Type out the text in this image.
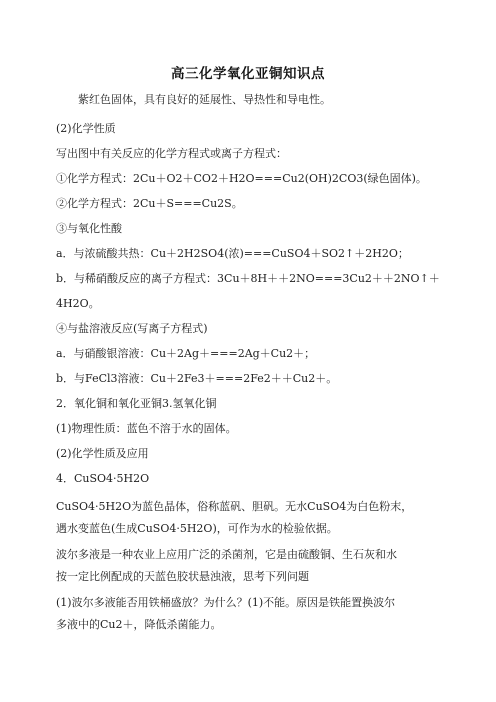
高三化学氧化亚铜知识点
　　紫红色固体，具有良好的延展性、导热性和导电性。
(2)化学性质
写出图中有关反应的化学方程式或离子方程式：
①化学方程式：2Cu＋O2＋CO2＋H2O===Cu2(OH)2CO3(绿色固体)。
②化学方程式：2Cu＋S===Cu2S。
③与氧化性酸
a．与浓硫酸共热：Cu＋2H2SO4(浓)===CuSO4＋SO2↑＋2H2O；
b．与稀硝酸反应的离子方程式：3Cu＋8H＋＋2NO===3Cu2＋＋2NO↑＋
4H2O。
④与盐溶液反应(写离子方程式)
a．与硝酸银溶液：Cu＋2Ag＋===2Ag＋Cu2＋；
b．与FeCl3溶液：Cu＋2Fe3＋===2Fe2＋＋Cu2＋。
2．氧化铜和氧化亚铜3.氢氧化铜
(1)物理性质：蓝色不溶于水的固体。
(2)化学性质及应用
4．CuSO4·5H2O
CuSO4·5H2O为蓝色晶体，俗称蓝矾、胆矾。无水CuSO4为白色粉末，
遇水变蓝色(生成CuSO4·5H2O)，可作为水的检验依据。
波尔多液是一种农业上应用广泛的杀菌剂，它是由硫酸铜、生石灰和水
按一定比例配成的天蓝色胶状悬浊液，思考下列问题
(1)波尔多液能否用铁桶盛放？为什么？(1)不能。原因是铁能置换波尔
多液中的Cu2＋，降低杀菌能力。
